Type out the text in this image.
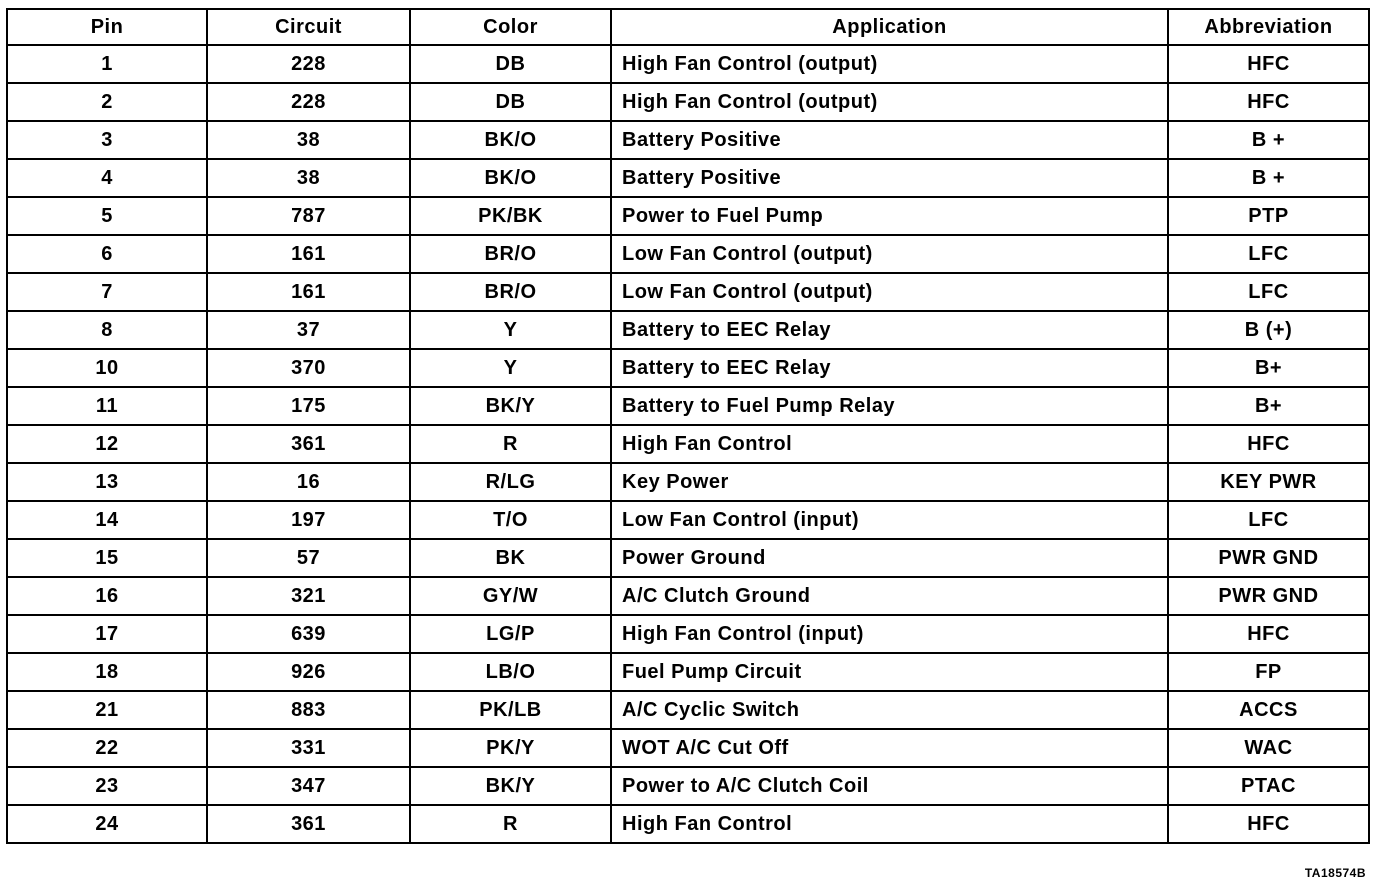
Pin	Circuit	Color	Application	Abbreviation
1	228	DB	High Fan Control (output)	HFC
2	228	DB	High Fan Control (output)	HFC
3	38	BK/O	Battery Positive	B +
4	38	BK/O	Battery Positive	B +
5	787	PK/BK	Power to Fuel Pump	PTP
6	161	BR/O	Low Fan Control (output)	LFC
7	161	BR/O	Low Fan Control (output)	LFC
8	37	Y	Battery to EEC Relay	B (+)
10	370	Y	Battery to EEC Relay	B+
11	175	BK/Y	Battery to Fuel Pump Relay	B+
12	361	R	High Fan Control	HFC
13	16	R/LG	Key Power	KEY PWR
14	197	T/O	Low Fan Control (input)	LFC
15	57	BK	Power Ground	PWR GND
16	321	GY/W	A/C Clutch Ground	PWR GND
17	639	LG/P	High Fan Control (input)	HFC
18	926	LB/O	Fuel Pump Circuit	FP
21	883	PK/LB	A/C Cyclic Switch	ACCS
22	331	PK/Y	WOT A/C Cut Off	WAC
23	347	BK/Y	Power to A/C Clutch Coil	PTAC
24	361	R	High Fan Control	HFC
TA18574B
